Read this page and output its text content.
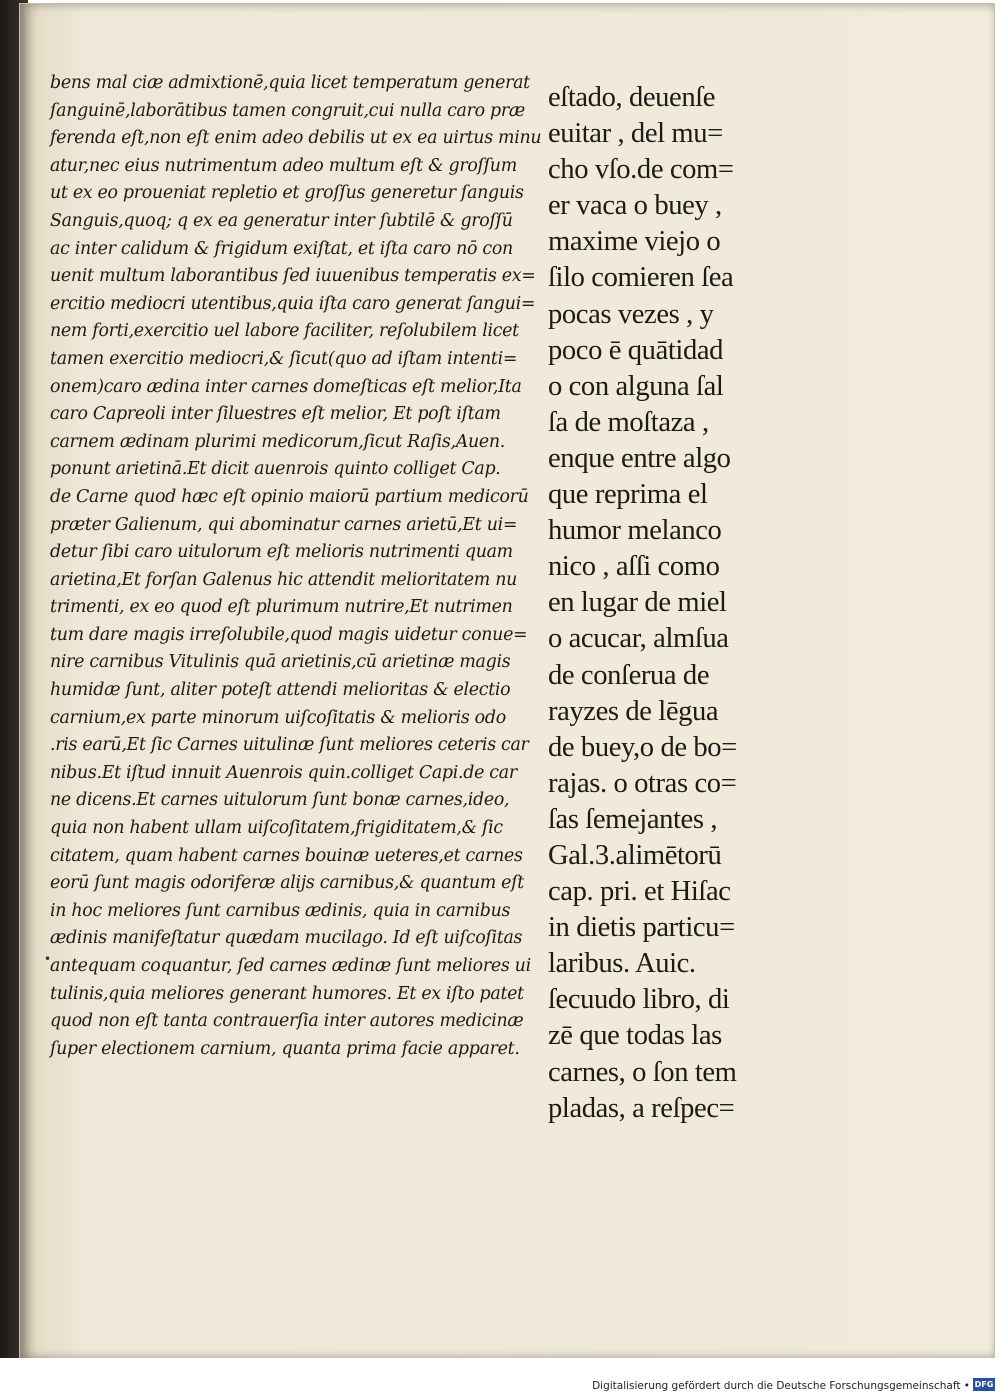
bens mal ciæ admixtionē,quia licet temperatum generat
ſanguinē,laborātibus tamen congruit,cui nulla caro præ
ferenda eſt,non eſt enim adeo debilis ut ex ea uirtus minu
atur,nec eius nutrimentum adeo multum eſt & groſſum
ut ex eo proueniat repletio et groſſus generetur ſanguis
Sanguis,quoq; q ex ea generatur inter ſubtilē & groſſū
ac inter calidum & frigidum exiſtat, et iſta caro nō con
uenit multum laborantibus ſed iuuenibus temperatis ex=
ercitio mediocri utentibus,quia iſta caro generat ſangui=
nem forti,exercitio uel labore faciliter, reſolubilem licet
tamen exercitio mediocri,& ſicut(quo ad iſtam intenti=
onem)caro ædina inter carnes domeſticas eſt melior,Ita
caro Capreoli inter ſiluestres eſt melior, Et poſt iſtam
carnem ædinam plurimi medicorum,ſicut Raſis,Auen.
ponunt arietinā.Et dicit auenrois quinto colliget Cap.
de Carne quod hæc eſt opinio maiorū partium medicorū
præter Galienum, qui abominatur carnes arietū,Et ui=
detur ſibi caro uitulorum eſt melioris nutrimenti quam
arietina,Et forſan Galenus hic attendit melioritatem nu
trimenti, ex eo quod eſt plurimum nutrire,Et nutrimen
tum dare magis irreſolubile,quod magis uidetur conue=
nire carnibus Vitulinis quā arietinis,cū arietinæ magis
humidæ ſunt, aliter poteſt attendi melioritas & electio
carnium,ex parte minorum uiſcoſitatis & melioris odo
.ris earū,Et ſic Carnes uitulinæ ſunt meliores ceteris car
nibus.Et iſtud innuit Auenrois quin.colliget Capi.de car
ne dicens.Et carnes uitulorum ſunt bonæ carnes,ideo,
quia non habent ullam uiſcoſitatem,frigiditatem,& ſic
citatem, quam habent carnes bouinæ ueteres,et carnes
eorū ſunt magis odoriferæ alijs carnibus,& quantum eſt
in hoc meliores ſunt carnibus ædinis, quia in carnibus
ædinis manifeſtatur quædam mucilago. Id eſt uiſcoſitas
antequam coquantur, ſed carnes ædinæ ſunt meliores ui
tulinis,quia meliores generant humores. Et ex iſto patet
quod non eſt tanta contrauerſia inter autores medicinæ
ſuper electionem carnium, quanta prima facie apparet.
eſtado, deuenſe
euitar , del mu=
cho vſo.de com=
er vaca o buey ,
maxime viejo o
ſilo comieren ſea
pocas vezes , y
poco ē quātidad
o con alguna ſal
ſa de moſtaza ,
enque entre algo
que reprima el
humor melanco
nico , aſſi como
en lugar de miel
o acucar, almſua
de conſerua de
rayzes de lēgua
de buey,o de bo=
rajas. o otras co=
ſas ſemejantes ,
Gal.3.alimētorū
cap. pri. et Hiſac
in dietis particu=
laribus. Auic.
ſecuudo libro, di
zē que todas las
carnes, o ſon tem
pladas, a reſpec=
•
Digitalisierung gefördert durch die Deutsche Forschungsgemeinschaft • DFG
